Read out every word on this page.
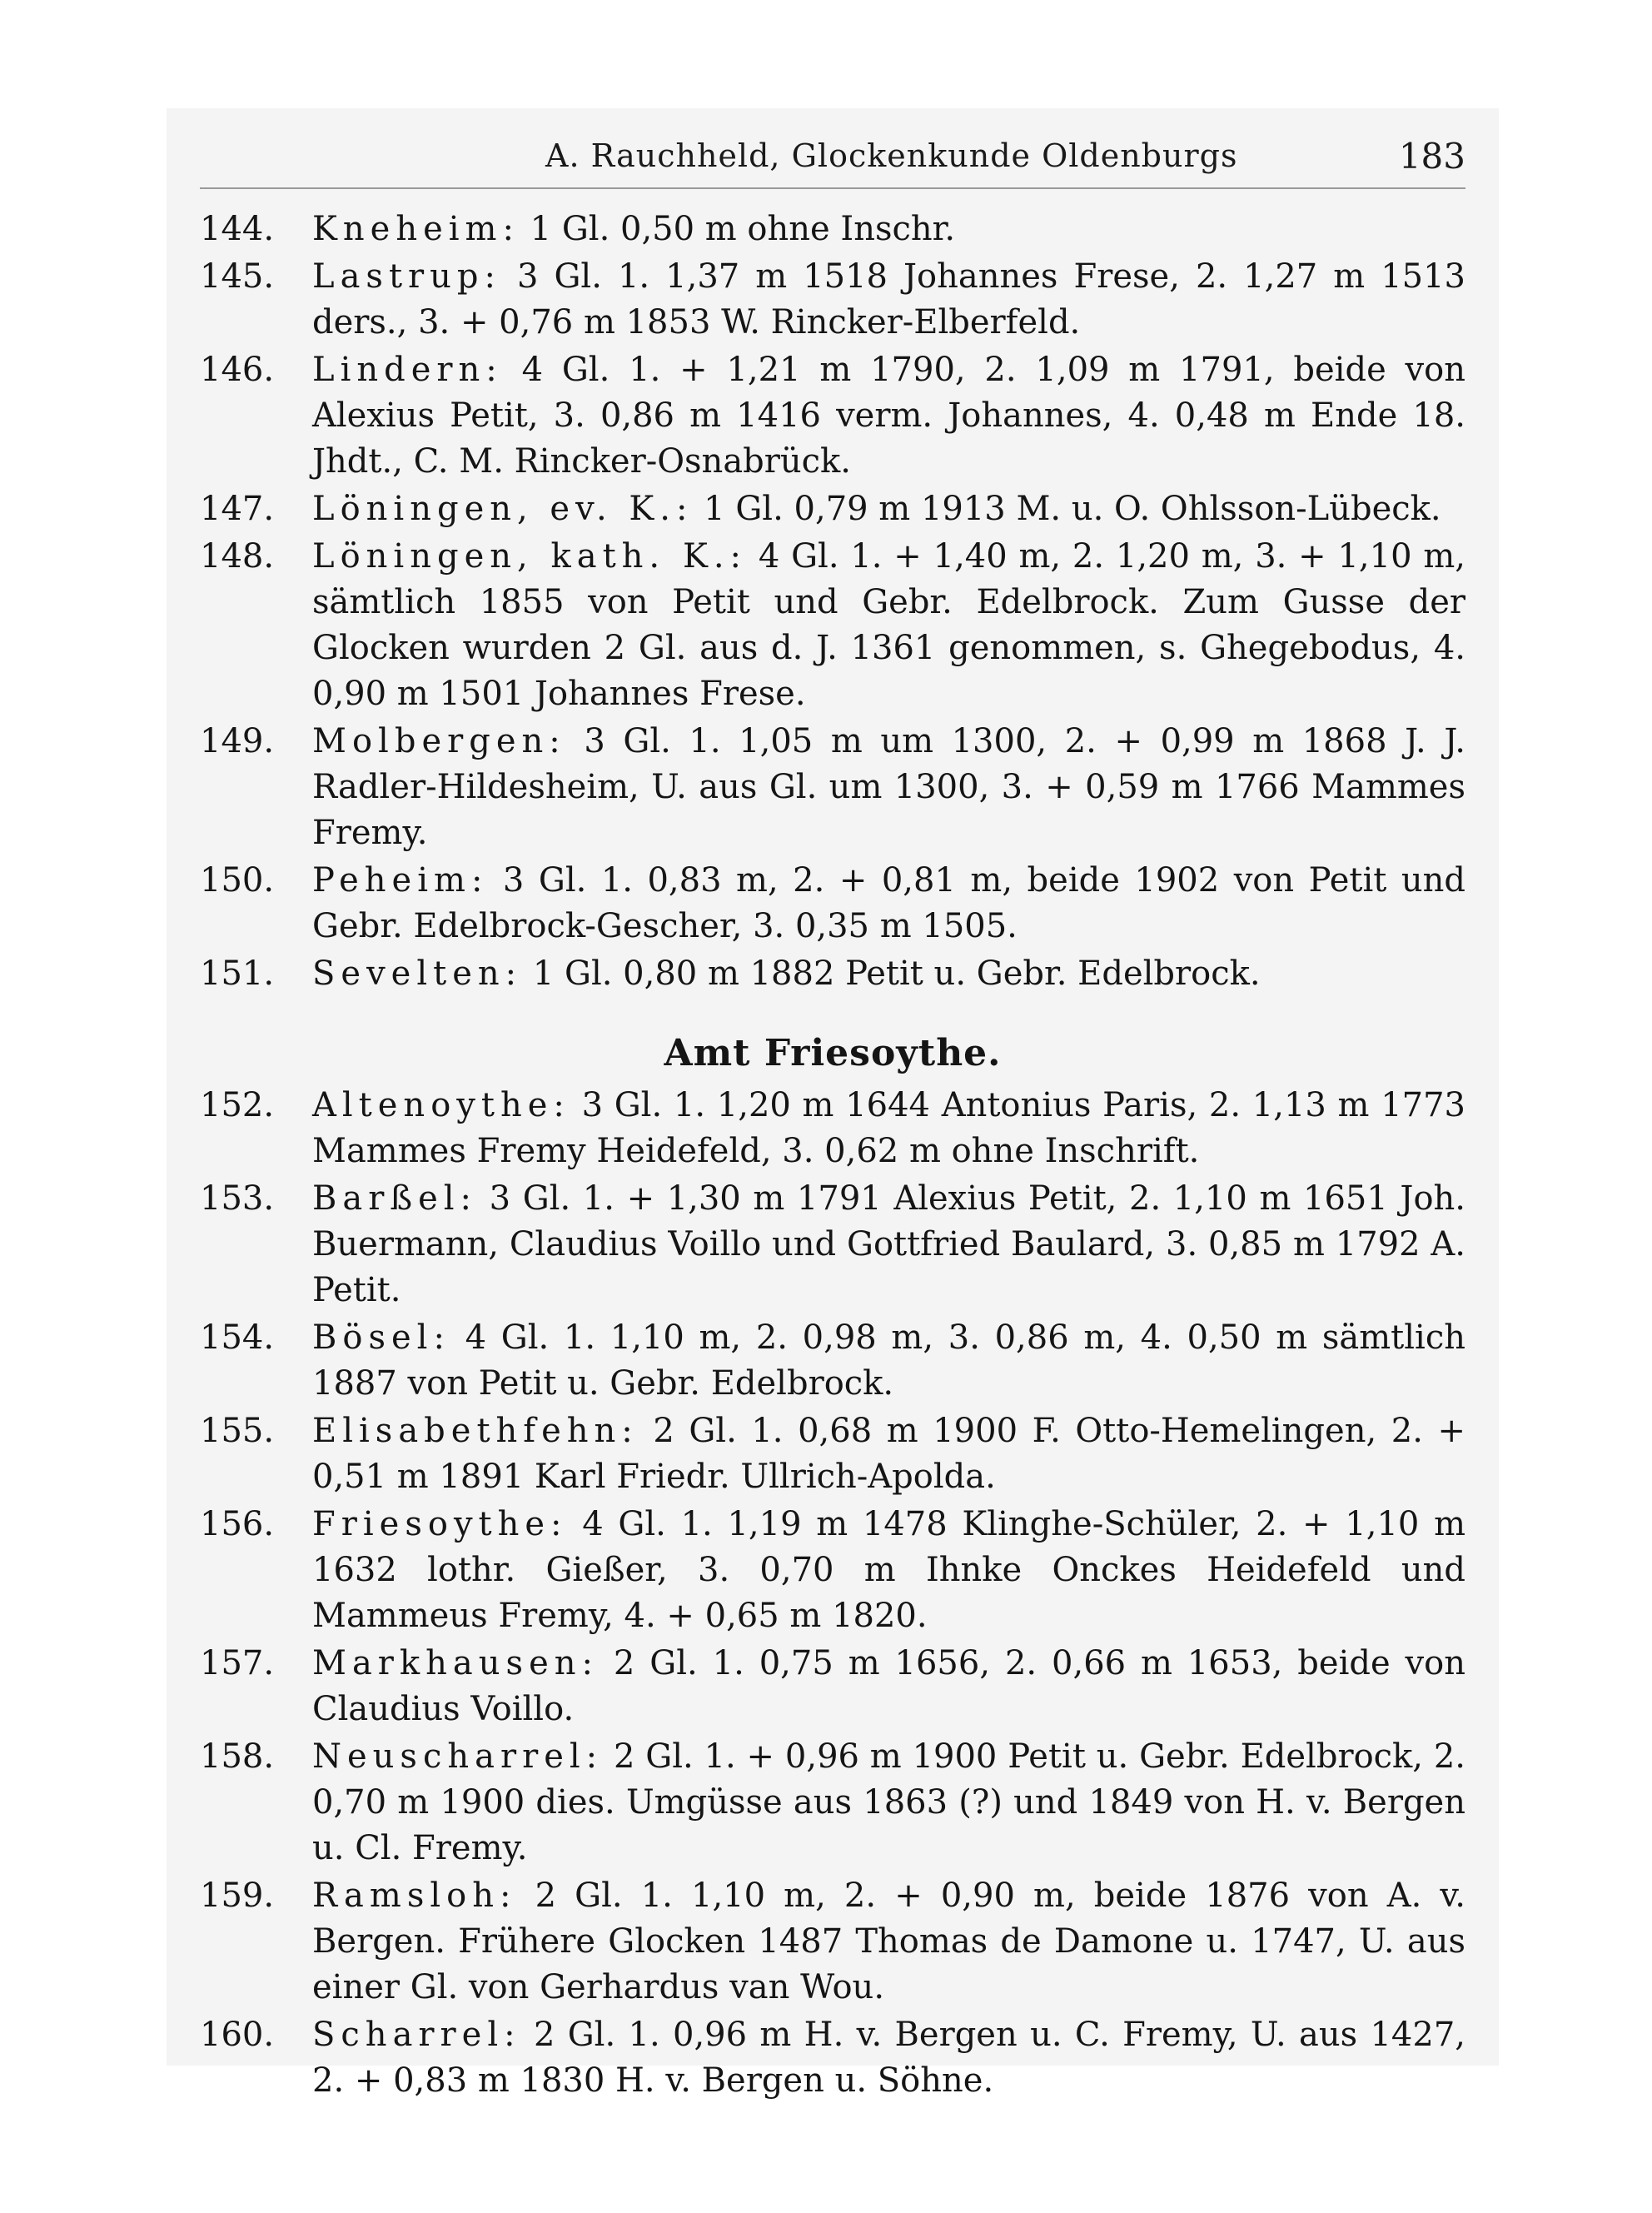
A. Rauchheld, Glockenkunde Oldenburgs	183
144.	Kneheim: 1 Gl. 0,50 m ohne Inschr.
145.	Lastrup: 3 Gl. 1. 1,37 m 1518 Johannes Frese, 2. 1,27 m 1513 ders., 3. + 0,76 m 1853 W. Rincker-Elberfeld.
146.	Lindern: 4 Gl. 1. + 1,21 m 1790, 2. 1,09 m 1791, beide von Alexius Petit, 3. 0,86 m 1416 verm. Johannes, 4. 0,48 m Ende 18. Jhdt., C. M. Rincker-Osnabrück.
147.	Löningen, ev. K.: 1 Gl. 0,79 m 1913 M. u. O. Ohlsson-Lübeck.
148.	Löningen, kath. K.: 4 Gl. 1. + 1,40 m, 2. 1,20 m, 3. + 1,10 m, sämtlich 1855 von Petit und Gebr. Edelbrock. Zum Gusse der Glocken wurden 2 Gl. aus d. J. 1361 genommen, s. Ghegebodus, 4. 0,90 m 1501 Johannes Frese.
149.	Molbergen: 3 Gl. 1. 1,05 m um 1300, 2. + 0,99 m 1868 J. J. Radler-Hildesheim, U. aus Gl. um 1300, 3. + 0,59 m 1766 Mammes Fremy.
150.	Peheim: 3 Gl. 1. 0,83 m, 2. + 0,81 m, beide 1902 von Petit und Gebr. Edelbrock-Gescher, 3. 0,35 m 1505.
151.	Sevelten: 1 Gl. 0,80 m 1882 Petit u. Gebr. Edelbrock.
Amt Friesoythe.
152.	Altenoythe: 3 Gl. 1. 1,20 m 1644 Antonius Paris, 2. 1,13 m 1773 Mammes Fremy Heidefeld, 3. 0,62 m ohne Inschrift.
153.	Barßel: 3 Gl. 1. + 1,30 m 1791 Alexius Petit, 2. 1,10 m 1651 Joh. Buermann, Claudius Voillo und Gottfried Baulard, 3. 0,85 m 1792 A. Petit.
154.	Bösel: 4 Gl. 1. 1,10 m, 2. 0,98 m, 3. 0,86 m, 4. 0,50 m sämtlich 1887 von Petit u. Gebr. Edelbrock.
155.	Elisabethfehn: 2 Gl. 1. 0,68 m 1900 F. Otto-Hemelingen, 2. + 0,51 m 1891 Karl Friedr. Ullrich-Apolda.
156.	Friesoythe: 4 Gl. 1. 1,19 m 1478 Klinghe-Schüler, 2. + 1,10 m 1632 lothr. Gießer, 3. 0,70 m Ihnke Onckes Heidefeld und Mammeus Fremy, 4. + 0,65 m 1820.
157.	Markhausen: 2 Gl. 1. 0,75 m 1656, 2. 0,66 m 1653, beide von Claudius Voillo.
158.	Neuscharrel: 2 Gl. 1. + 0,96 m 1900 Petit u. Gebr. Edelbrock, 2. 0,70 m 1900 dies. Umgüsse aus 1863 (?) und 1849 von H. v. Bergen u. Cl. Fremy.
159.	Ramsloh: 2 Gl. 1. 1,10 m, 2. + 0,90 m, beide 1876 von A. v. Bergen. Frühere Glocken 1487 Thomas de Damone u. 1747, U. aus einer Gl. von Gerhardus van Wou.
160.	Scharrel: 2 Gl. 1. 0,96 m H. v. Bergen u. C. Fremy, U. aus 1427, 2. + 0,83 m 1830 H. v. Bergen u. Söhne.
